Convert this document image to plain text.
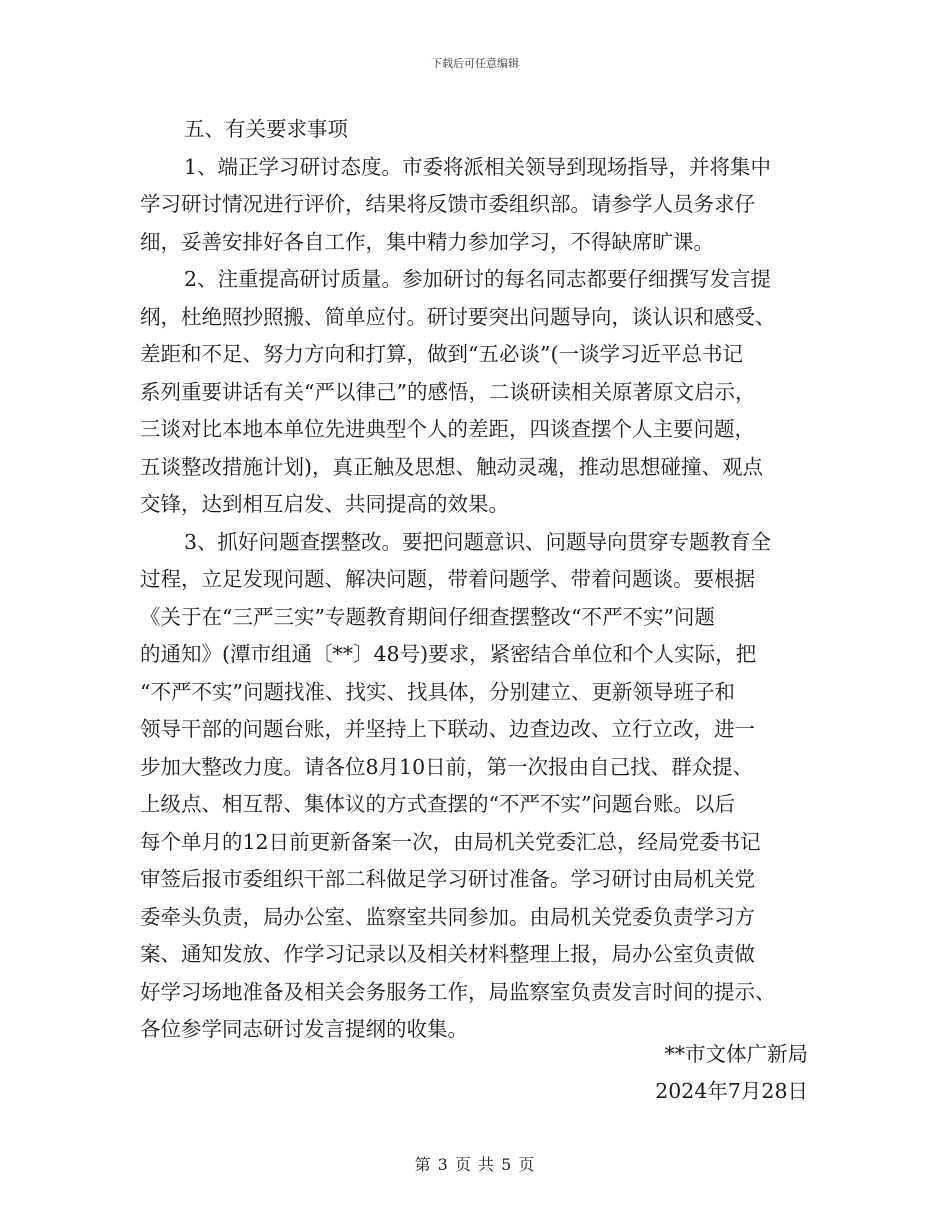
下载后可任意编辑
五、有关要求事项
1、端正学习研讨态度。市委将派相关领导到现场指导，并将集中
学习研讨情况进行评价，结果将反馈市委组织部。请参学人员务求仔
细，妥善安排好各自工作，集中精力参加学习，不得缺席旷课。
2、注重提高研讨质量。参加研讨的每名同志都要仔细撰写发言提
纲，杜绝照抄照搬、简单应付。研讨要突出问题导向，谈认识和感受、
差距和不足、努力方向和打算，做到“五必谈”(一谈学习近平总书记
系列重要讲话有关“严以律己”的感悟，二谈研读相关原著原文启示，
三谈对比本地本单位先进典型个人的差距，四谈查摆个人主要问题，
五谈整改措施计划)，真正触及思想、触动灵魂，推动思想碰撞、观点
交锋，达到相互启发、共同提高的效果。
3、抓好问题查摆整改。要把问题意识、问题导向贯穿专题教育全
过程，立足发现问题、解决问题，带着问题学、带着问题谈。要根据
《关于在“三严三实”专题教育期间仔细查摆整改“不严不实”问题
的通知》(潭市组通〔**〕48号)要求，紧密结合单位和个人实际，把
“不严不实”问题找准、找实、找具体，分别建立、更新领导班子和
领导干部的问题台账，并坚持上下联动、边查边改、立行立改，进一
步加大整改力度。请各位8月10日前，第一次报由自己找、群众提、
上级点、相互帮、集体议的方式查摆的“不严不实”问题台账。以后
每个单月的12日前更新备案一次，由局机关党委汇总，经局党委书记
审签后报市委组织干部二科做足学习研讨准备。学习研讨由局机关党
委牵头负责，局办公室、监察室共同参加。由局机关党委负责学习方
案、通知发放、作学习记录以及相关材料整理上报，局办公室负责做
好学习场地准备及相关会务服务工作，局监察室负责发言时间的提示、
各位参学同志研讨发言提纲的收集。
**市文体广新局
2024年7月28日
第 3 页 共 5 页
